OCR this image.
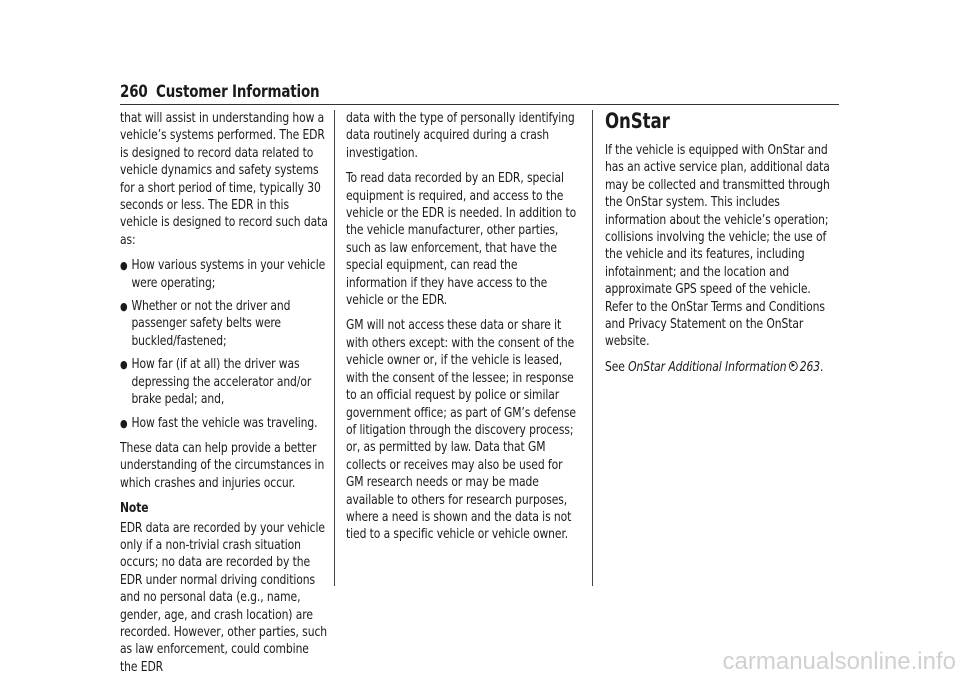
260 Customer Information

that will assist in understanding how a vehicle’s systems performed. The EDR is designed to record data related to vehicle dynamics and safety systems for a short period of time, typically 30 seconds or less. The EDR in this vehicle is designed to record such data as:

● How various systems in your vehicle were operating;
● Whether or not the driver and passenger safety belts were buckled/fastened;
● How far (if at all) the driver was depressing the accelerator and/or brake pedal; and,
● How fast the vehicle was traveling.

These data can help provide a better understanding of the circumstances in which crashes and injuries occur.

Note

EDR data are recorded by your vehicle only if a non-trivial crash situation occurs; no data are recorded by the EDR under normal driving conditions and no personal data (e.g., name, gender, age, and crash location) are recorded. However, other parties, such as law enforcement, could combine the EDR

data with the type of personally identifying data routinely acquired during a crash investigation.

To read data recorded by an EDR, special equipment is required, and access to the vehicle or the EDR is needed. In addition to the vehicle manufacturer, other parties, such as law enforcement, that have the special equipment, can read the information if they have access to the vehicle or the EDR.

GM will not access these data or share it with others except: with the consent of the vehicle owner or, if the vehicle is leased, with the consent of the lessee; in response to an official request by police or similar government office; as part of GM’s defense of litigation through the discovery process; or, as permitted by law. Data that GM collects or receives may also be used for GM research needs or may be made available to others for research purposes, where a need is shown and the data is not tied to a specific vehicle or vehicle owner.

OnStar

If the vehicle is equipped with OnStar and has an active service plan, additional data may be collected and transmitted through the OnStar system. This includes information about the vehicle’s operation; collisions involving the vehicle; the use of the vehicle and its features, including infotainment; and the location and approximate GPS speed of the vehicle. Refer to the OnStar Terms and Conditions and Privacy Statement on the OnStar website.

See OnStar Additional Information 263.

carmanualsonline.info
